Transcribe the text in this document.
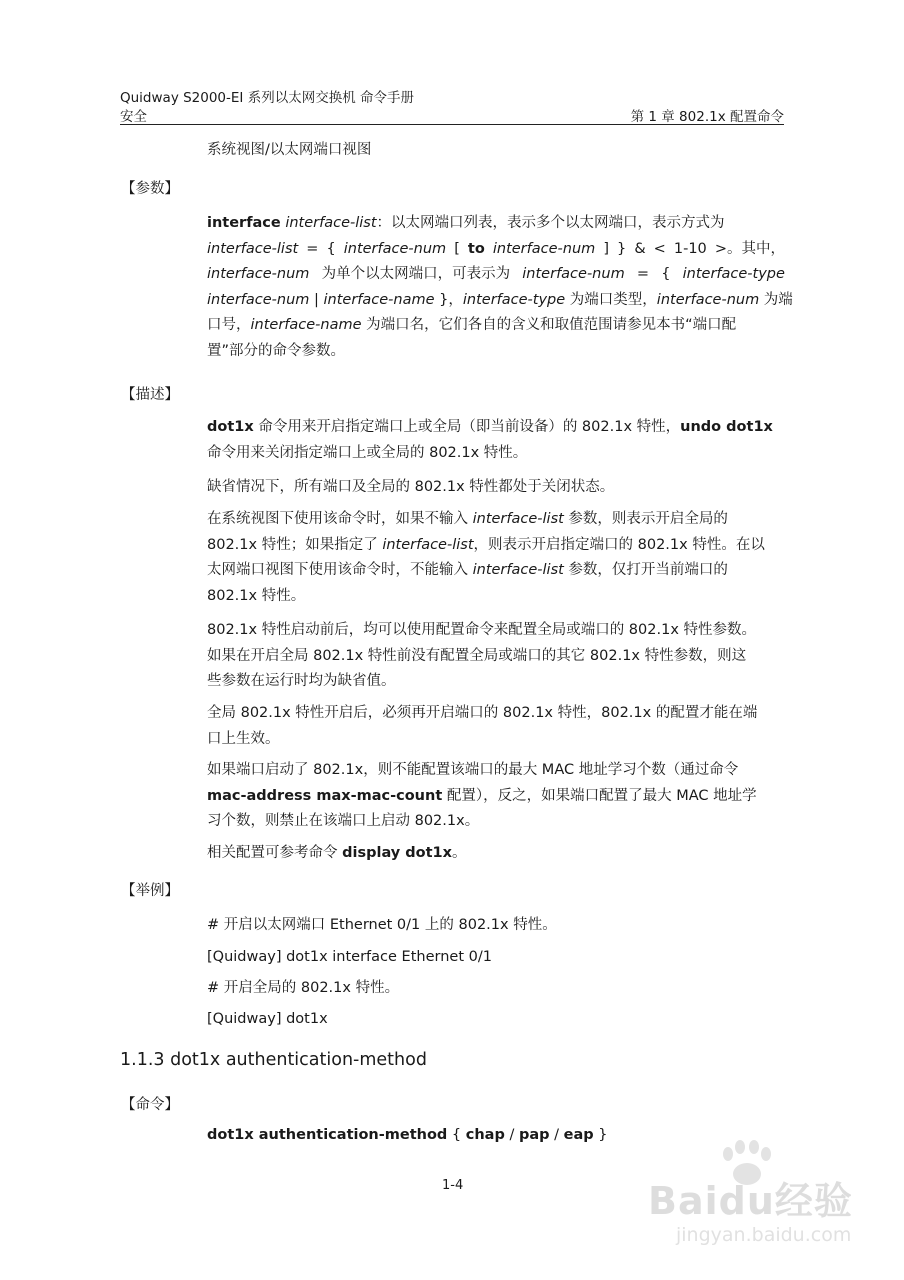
Quidway S2000-EI 系列以太网交换机 命令手册
安全	第 1 章 802.1x 配置命令
系统视图/以太网端口视图
【参数】
interface interface-list：以太网端口列表，表示多个以太网端口，表示方式为
interface-list = { interface-num [ to interface-num ] } & < 1-10 >。其中，
interface-num 为单个以太网端口，可表示为 interface-num = { interface-type
interface-num | interface-name }，interface-type 为端口类型，interface-num 为端
口号，interface-name 为端口名，它们各自的含义和取值范围请参见本书“端口配
置”部分的命令参数。
【描述】
dot1x 命令用来开启指定端口上或全局（即当前设备）的 802.1x 特性，undo dot1x
命令用来关闭指定端口上或全局的 802.1x 特性。
缺省情况下，所有端口及全局的 802.1x 特性都处于关闭状态。
在系统视图下使用该命令时，如果不输入 interface-list 参数，则表示开启全局的
802.1x 特性；如果指定了 interface-list，则表示开启指定端口的 802.1x 特性。在以
太网端口视图下使用该命令时，不能输入 interface-list 参数，仅打开当前端口的
802.1x 特性。
802.1x 特性启动前后，均可以使用配置命令来配置全局或端口的 802.1x 特性参数。
如果在开启全局 802.1x 特性前没有配置全局或端口的其它 802.1x 特性参数，则这
些参数在运行时均为缺省值。
全局 802.1x 特性开启后，必须再开启端口的 802.1x 特性，802.1x 的配置才能在端
口上生效。
如果端口启动了 802.1x，则不能配置该端口的最大 MAC 地址学习个数（通过命令
mac-address max-mac-count 配置），反之，如果端口配置了最大 MAC 地址学
习个数，则禁止在该端口上启动 802.1x。
相关配置可参考命令 display dot1x。
【举例】
# 开启以太网端口 Ethernet 0/1 上的 802.1x 特性。
[Quidway] dot1x interface Ethernet 0/1
# 开启全局的 802.1x 特性。
[Quidway] dot1x
1.1.3 dot1x authentication-method
【命令】
dot1x authentication-method { chap / pap / eap }
1-4	Baidu经验
jingyan.baidu.com
